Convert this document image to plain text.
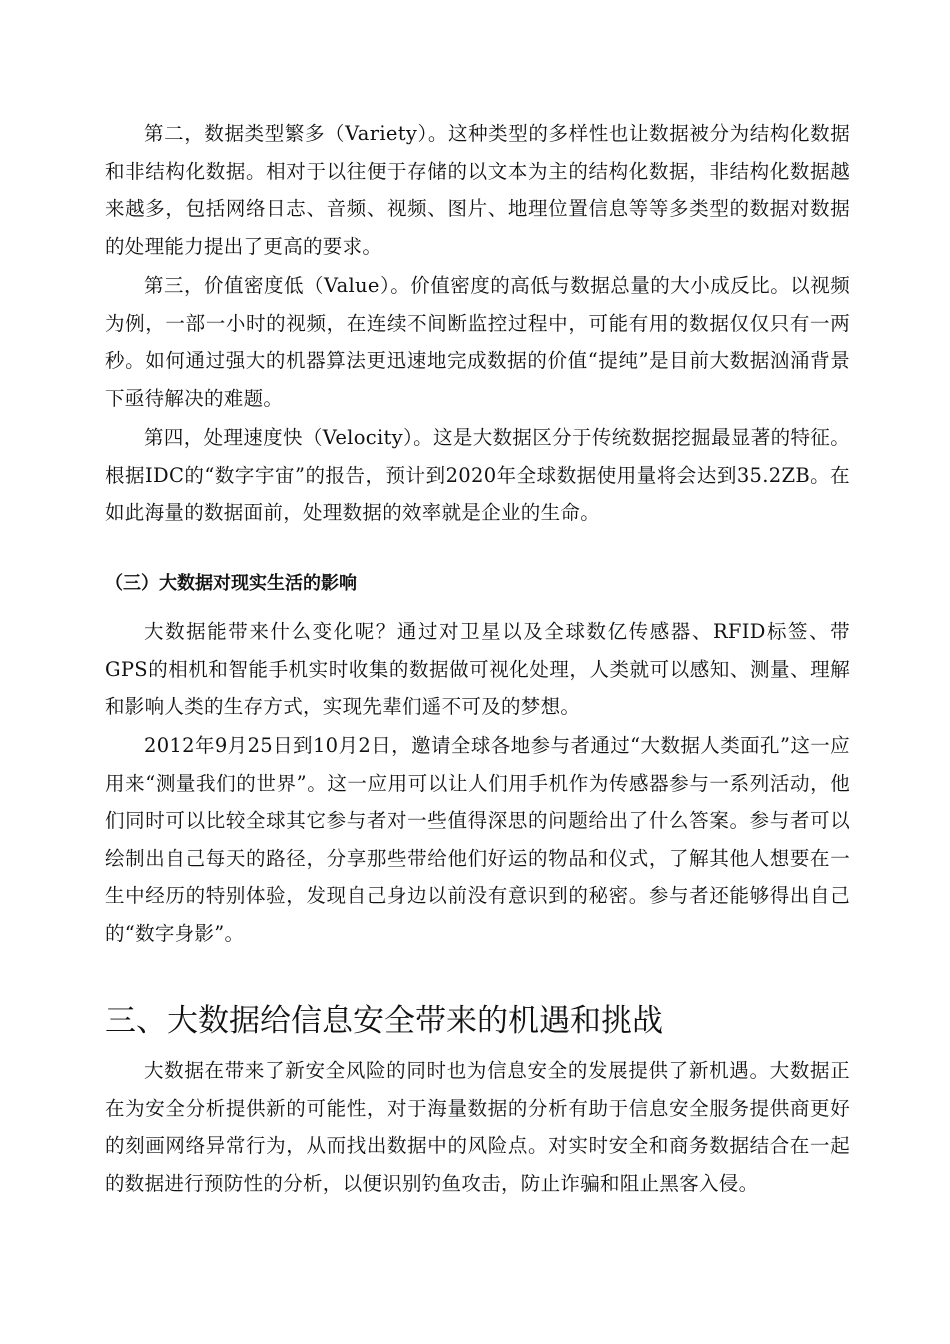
第二，数据类型繁多（Variety）。这种类型的多样性也让数据被分为结构化数据和非结构化数据。相对于以往便于存储的以文本为主的结构化数据，非结构化数据越来越多，包括网络日志、音频、视频、图片、地理位置信息等等多类型的数据对数据的处理能力提出了更高的要求。

第三，价值密度低（Value）。价值密度的高低与数据总量的大小成反比。以视频为例，一部一小时的视频，在连续不间断监控过程中，可能有用的数据仅仅只有一两秒。如何通过强大的机器算法更迅速地完成数据的价值“提纯”是目前大数据汹涌背景下亟待解决的难题。

第四，处理速度快（Velocity）。这是大数据区分于传统数据挖掘最显著的特征。根据IDC的“数字宇宙”的报告，预计到2020年全球数据使用量将会达到35.2ZB。在如此海量的数据面前，处理数据的效率就是企业的生命。

（三）大数据对现实生活的影响

大数据能带来什么变化呢？通过对卫星以及全球数亿传感器、RFID标签、带GPS的相机和智能手机实时收集的数据做可视化处理，人类就可以感知、测量、理解和影响人类的生存方式，实现先辈们遥不可及的梦想。

2012年9月25日到10月2日，邀请全球各地参与者通过“大数据人类面孔”这一应用来“测量我们的世界”。这一应用可以让人们用手机作为传感器参与一系列活动，他们同时可以比较全球其它参与者对一些值得深思的问题给出了什么答案。参与者可以绘制出自己每天的路径，分享那些带给他们好运的物品和仪式，了解其他人想要在一生中经历的特别体验，发现自己身边以前没有意识到的秘密。参与者还能够得出自己的“数字身影”。

三、大数据给信息安全带来的机遇和挑战

大数据在带来了新安全风险的同时也为信息安全的发展提供了新机遇。大数据正在为安全分析提供新的可能性，对于海量数据的分析有助于信息安全服务提供商更好的刻画网络异常行为，从而找出数据中的风险点。对实时安全和商务数据结合在一起的数据进行预防性的分析，以便识别钓鱼攻击，防止诈骗和阻止黑客入侵。
